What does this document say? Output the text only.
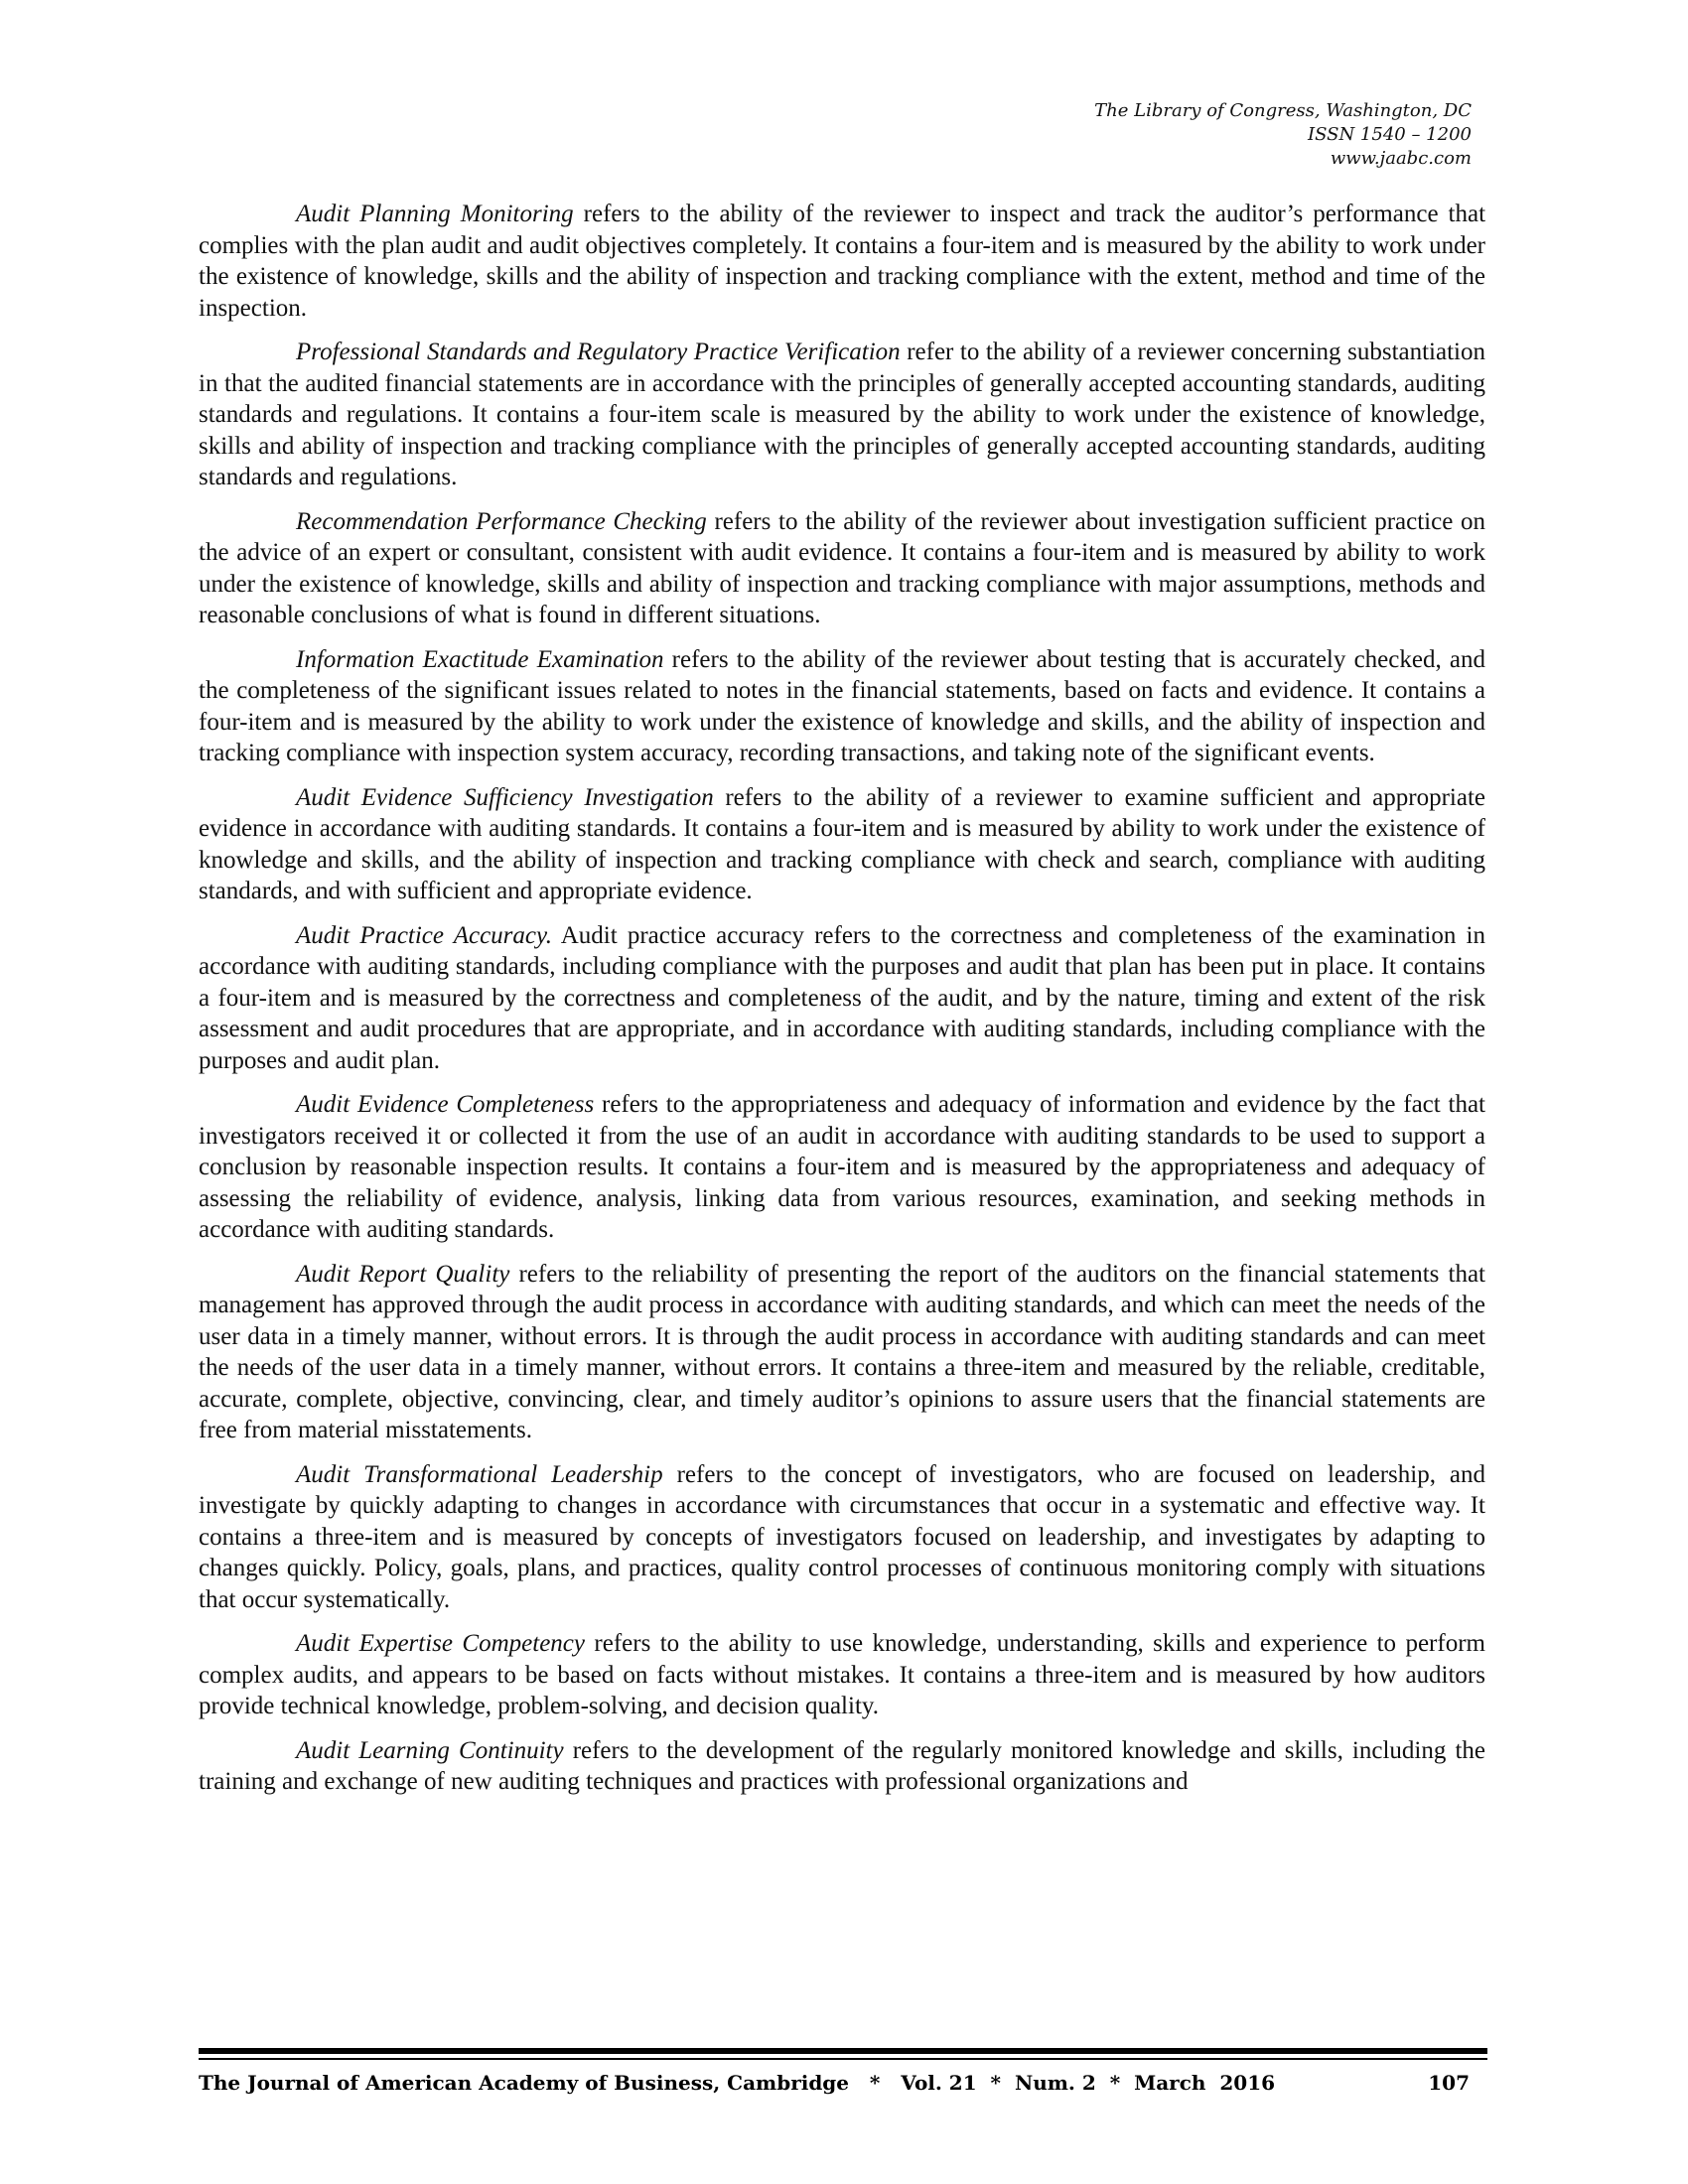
The Library of Congress, Washington, DC
ISSN 1540 – 1200
www.jaabc.com

Audit Planning Monitoring refers to the ability of the reviewer to inspect and track the auditor’s performance that complies with the plan audit and audit objectives completely. It contains a four-item and is measured by the ability to work under the existence of knowledge, skills and the ability of inspection and tracking compliance with the extent, method and time of the inspection.

Professional Standards and Regulatory Practice Verification refer to the ability of a reviewer concerning substantiation in that the audited financial statements are in accordance with the principles of generally accepted accounting standards, auditing standards and regulations. It contains a four-item scale is measured by the ability to work under the existence of knowledge, skills and ability of inspection and tracking compliance with the principles of generally accepted accounting standards, auditing standards and regulations.

Recommendation Performance Checking refers to the ability of the reviewer about investigation sufficient practice on the advice of an expert or consultant, consistent with audit evidence. It contains a four-item and is measured by ability to work under the existence of knowledge, skills and ability of inspection and tracking compliance with major assumptions, methods and reasonable conclusions of what is found in different situations.

Information Exactitude Examination refers to the ability of the reviewer about testing that is accurately checked, and the completeness of the significant issues related to notes in the financial statements, based on facts and evidence. It contains a four-item and is measured by the ability to work under the existence of knowledge and skills, and the ability of inspection and tracking compliance with inspection system accuracy, recording transactions, and taking note of the significant events.

Audit Evidence Sufficiency Investigation refers to the ability of a reviewer to examine sufficient and appropriate evidence in accordance with auditing standards. It contains a four-item and is measured by ability to work under the existence of knowledge and skills, and the ability of inspection and tracking compliance with check and search, compliance with auditing standards, and with sufficient and appropriate evidence.

Audit Practice Accuracy. Audit practice accuracy refers to the correctness and completeness of the examination in accordance with auditing standards, including compliance with the purposes and audit that plan has been put in place. It contains a four-item and is measured by the correctness and completeness of the audit, and by the nature, timing and extent of the risk assessment and audit procedures that are appropriate, and in accordance with auditing standards, including compliance with the purposes and audit plan.

Audit Evidence Completeness refers to the appropriateness and adequacy of information and evidence by the fact that investigators received it or collected it from the use of an audit in accordance with auditing standards to be used to support a conclusion by reasonable inspection results. It contains a four-item and is measured by the appropriateness and adequacy of assessing the reliability of evidence, analysis, linking data from various resources, examination, and seeking methods in accordance with auditing standards.

Audit Report Quality refers to the reliability of presenting the report of the auditors on the financial statements that management has approved through the audit process in accordance with auditing standards, and which can meet the needs of the user data in a timely manner, without errors. It is through the audit process in accordance with auditing standards and can meet the needs of the user data in a timely manner, without errors. It contains a three-item and measured by the reliable, creditable, accurate, complete, objective, convincing, clear, and timely auditor’s opinions to assure users that the financial statements are free from material misstatements.

Audit Transformational Leadership refers to the concept of investigators, who are focused on leadership, and investigate by quickly adapting to changes in accordance with circumstances that occur in a systematic and effective way. It contains a three-item and is measured by concepts of investigators focused on leadership, and investigates by adapting to changes quickly. Policy, goals, plans, and practices, quality control processes of continuous monitoring comply with situations that occur systematically.

Audit Expertise Competency refers to the ability to use knowledge, understanding, skills and experience to perform complex audits, and appears to be based on facts without mistakes. It contains a three-item and is measured by how auditors provide technical knowledge, problem-solving, and decision quality.

Audit Learning Continuity refers to the development of the regularly monitored knowledge and skills, including the training and exchange of new auditing techniques and practices with professional organizations and

The Journal of American Academy of Business, Cambridge   *   Vol. 21  *  Num. 2  *  March  2016	107
